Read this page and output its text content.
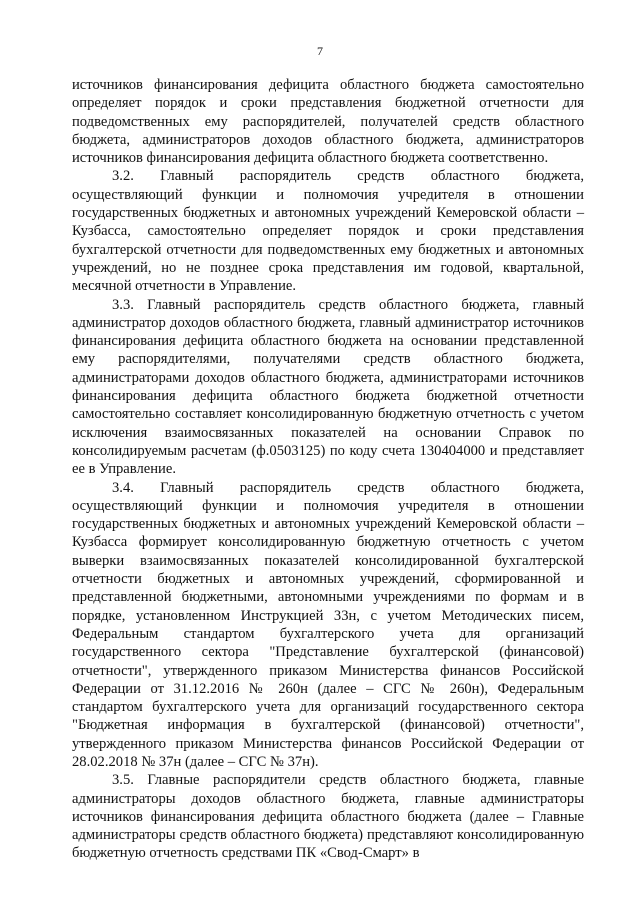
7

источников финансирования дефицита областного бюджета самостоятельно определяет порядок и сроки представления бюджетной отчетности для подведомственных ему распорядителей, получателей средств областного бюджета, администраторов доходов областного бюджета, администраторов источников финансирования дефицита областного бюджета соответственно.

3.2. Главный распорядитель средств областного бюджета, осуществляющий функции и полномочия учредителя в отношении государственных бюджетных и автономных учреждений Кемеровской области – Кузбасса, самостоятельно определяет порядок и сроки представления бухгалтерской отчетности для подведомственных ему бюджетных и автономных учреждений, но не позднее срока представления им годовой, квартальной, месячной отчетности в Управление.

3.3. Главный распорядитель средств областного бюджета, главный администратор доходов областного бюджета, главный администратор источников финансирования дефицита областного бюджета на основании представленной ему распорядителями, получателями средств областного бюджета, администраторами доходов областного бюджета, администраторами источников финансирования дефицита областного бюджета бюджетной отчетности самостоятельно составляет консолидированную бюджетную отчетность с учетом исключения взаимосвязанных показателей на основании Справок по консолидируемым расчетам (ф.0503125) по коду счета 130404000 и представляет ее в Управление.

3.4. Главный распорядитель средств областного бюджета, осуществляющий функции и полномочия учредителя в отношении государственных бюджетных и автономных учреждений Кемеровской области – Кузбасса формирует консолидированную бюджетную отчетность с учетом выверки взаимосвязанных показателей консолидированной бухгалтерской отчетности бюджетных и автономных учреждений, сформированной и представленной бюджетными, автономными учреждениями по формам и в порядке, установленном Инструкцией 33н, с учетом Методических писем, Федеральным стандартом бухгалтерского учета для организаций государственного сектора "Представление бухгалтерской (финансовой) отчетности", утвержденного приказом Министерства финансов Российской Федерации от 31.12.2016 № 260н (далее – СГС № 260н), Федеральным стандартом бухгалтерского учета для организаций государственного сектора "Бюджетная информация в бухгалтерской (финансовой) отчетности", утвержденного приказом Министерства финансов Российской Федерации от 28.02.2018 № 37н (далее – СГС № 37н).

3.5. Главные распорядители средств областного бюджета, главные администраторы доходов областного бюджета, главные администраторы источников финансирования дефицита областного бюджета (далее – Главные администраторы средств областного бюджета) представляют консолидированную бюджетную отчетность средствами ПК «Свод-Смарт» в
